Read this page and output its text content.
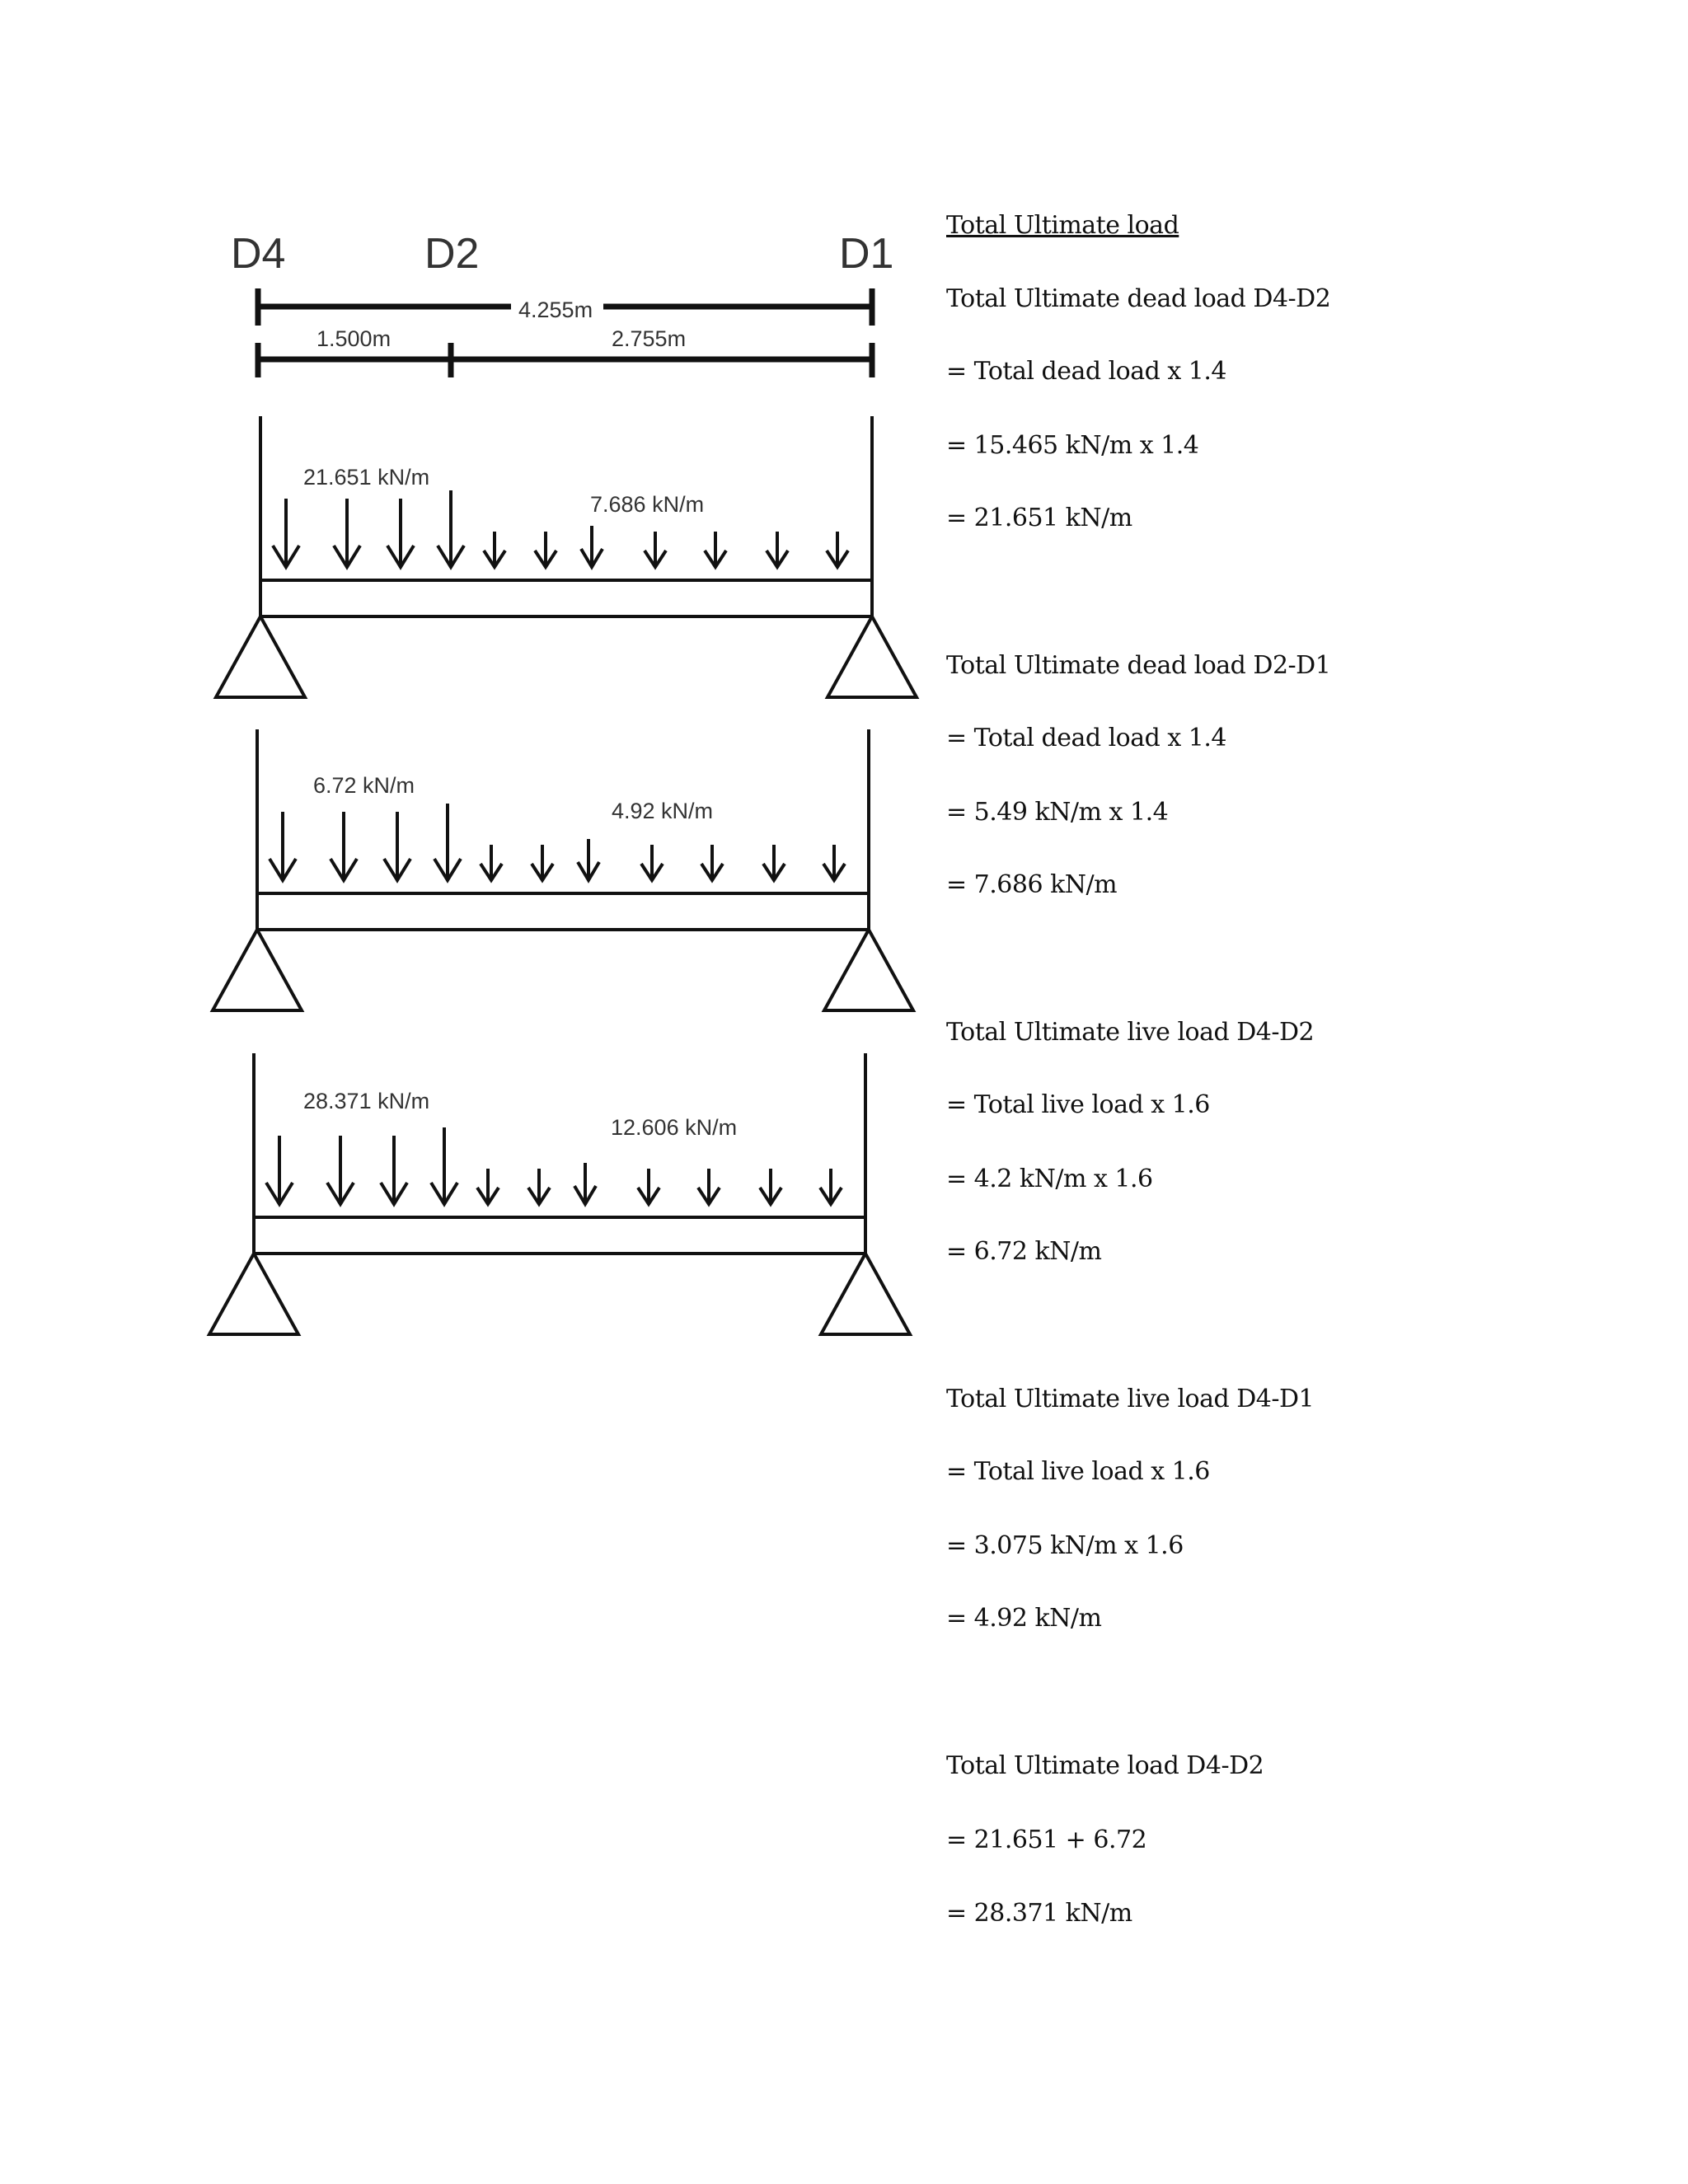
D4	D2	D1
4.255m
1.500m	2.755m
21.651 kN/m
7.686 kN/m
6.72 kN/m
4.92 kN/m
28.371 kN/m
12.606 kN/m
Total Ultimate load
Total Ultimate dead load D4-D2
= Total dead load x 1.4
= 15.465 kN/m x 1.4
= 21.651 kN/m
Total Ultimate dead load D2-D1
= Total dead load x 1.4
= 5.49 kN/m x 1.4
= 7.686 kN/m
Total Ultimate live load D4-D2
= Total live load x 1.6
= 4.2 kN/m x 1.6
= 6.72 kN/m
Total Ultimate live load D4-D1
= Total live load x 1.6
= 3.075 kN/m x 1.6
= 4.92 kN/m
Total Ultimate load D4-D2
= 21.651 + 6.72
= 28.371 kN/m
